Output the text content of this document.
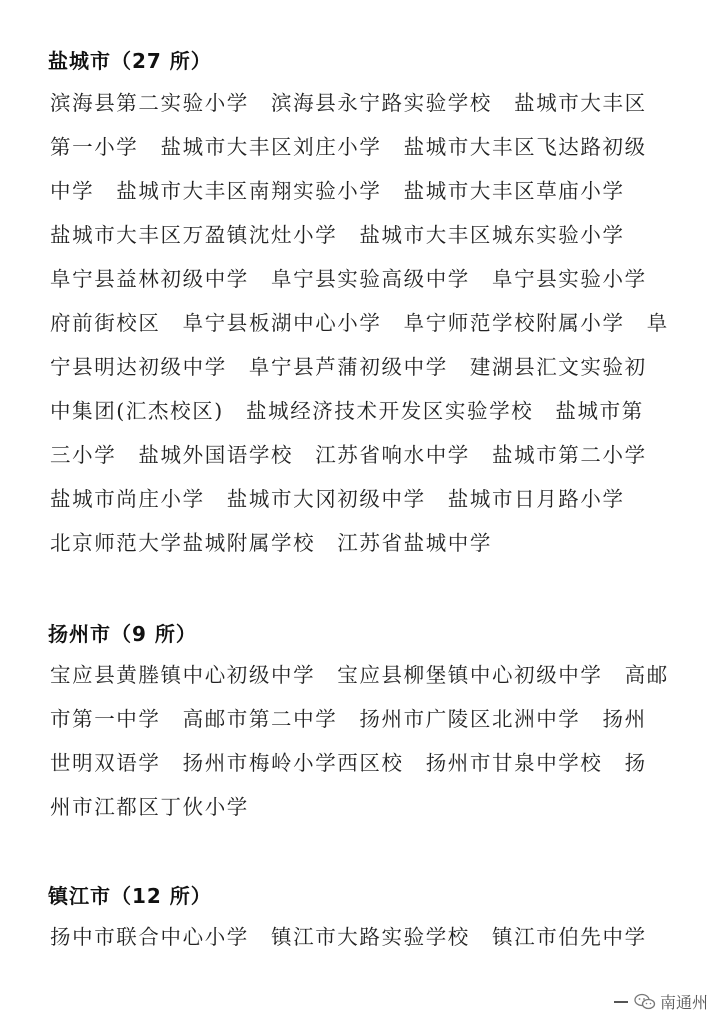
盐城市（27 所）
滨海县第二实验小学　滨海县永宁路实验学校　盐城市大丰区
第一小学　盐城市大丰区刘庄小学　盐城市大丰区飞达路初级
中学　盐城市大丰区南翔实验小学　盐城市大丰区草庙小学
盐城市大丰区万盈镇沈灶小学　盐城市大丰区城东实验小学
阜宁县益林初级中学　阜宁县实验高级中学　阜宁县实验小学
府前街校区　阜宁县板湖中心小学　阜宁师范学校附属小学　阜
宁县明达初级中学　阜宁县芦蒲初级中学　建湖县汇文实验初
中集团(汇杰校区)　盐城经济技术开发区实验学校　盐城市第
三小学　盐城外国语学校　江苏省响水中学　盐城市第二小学
盐城市尚庄小学　盐城市大冈初级中学　盐城市日月路小学
北京师范大学盐城附属学校　江苏省盐城中学
扬州市（9 所）
宝应县黄塍镇中心初级中学　宝应县柳堡镇中心初级中学　高邮
市第一中学　高邮市第二中学　扬州市广陵区北洲中学　扬州
世明双语学　扬州市梅岭小学西区校　扬州市甘泉中学校　扬
州市江都区丁伙小学
镇江市（12 所）
扬中市联合中心小学　镇江市大路实验学校　镇江市伯先中学
南通州
